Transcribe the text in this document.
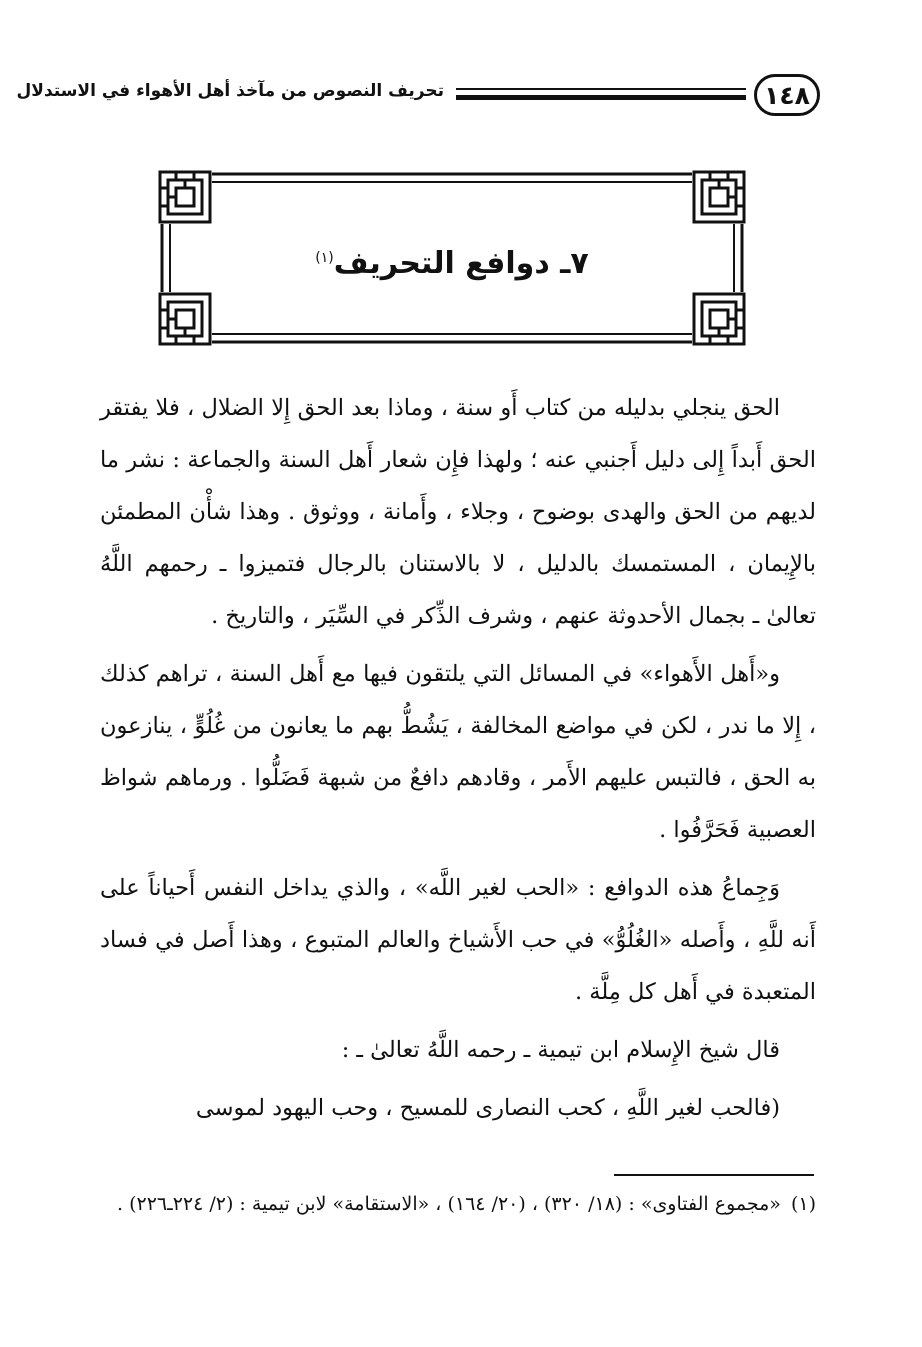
١٤٨
تحريف النصوص من مآخذ أهل الأهواء في الاستدلال
٧ـ دوافع التحريف$^{(١)}$

الحق ينجلي بدليله من كتاب أَو سنة ، وماذا بعد الحق إِلا الضلال ، فلا يفتقر الحق أَبداً إِلى دليل أَجنبي عنه ؛ ولهذا فإِن شعار أَهل السنة والجماعة : نشر ما لديهم من الحق والهدى بوضوح ، وجلاء ، وأَمانة ، ووثوق . وهذا شأْن المطمئن بالإِيمان ، المستمسك بالدليل ، لا بالاستنان بالرجال فتميزوا ـ رحمهم اللَّهُ تعالىٰ ـ بجمال الأحدوثة عنهم ، وشرف الذِّكر في السِّيَر ، والتاريخ .

و«أَهل الأَهواء» في المسائل التي يلتقون فيها مع أَهل السنة ، تراهم كذلك ، إِلا ما ندر ، لكن في مواضع المخالفة ، يَشُطُّ بهم ما يعانون من غُلُوٍّ ، ينازعون به الحق ، فالتبس عليهم الأَمر ، وقادهم دافعٌ من شبهة فَضَلُّوا . ورماهم شواظ العصبية فَحَرَّفُوا .

وَجِماعُ هذه الدوافع : «الحب لغير اللَّه» ، والذي يداخل النفس أَحياناً على أَنه للَّهِ ، وأَصله «الغُلُوُّ» في حب الأَشياخ والعالم المتبوع ، وهذا أَصل في فساد المتعبدة في أَهل كل مِلَّة .

قال شيخ الإِسلام ابن تيمية ـ رحمه اللَّهُ تعالىٰ ـ :

(فالحب لغير اللَّهِ ، كحب النصارى للمسيح ، وحب اليهود لموسى

(١)«مجموع الفتاوى» : (١٨/ ٣٢٠) ، (٢٠/ ١٦٤) ، «الاستقامة» لابن تيمية : (٢/ ٢٢٤ـ٢٢٦) .
